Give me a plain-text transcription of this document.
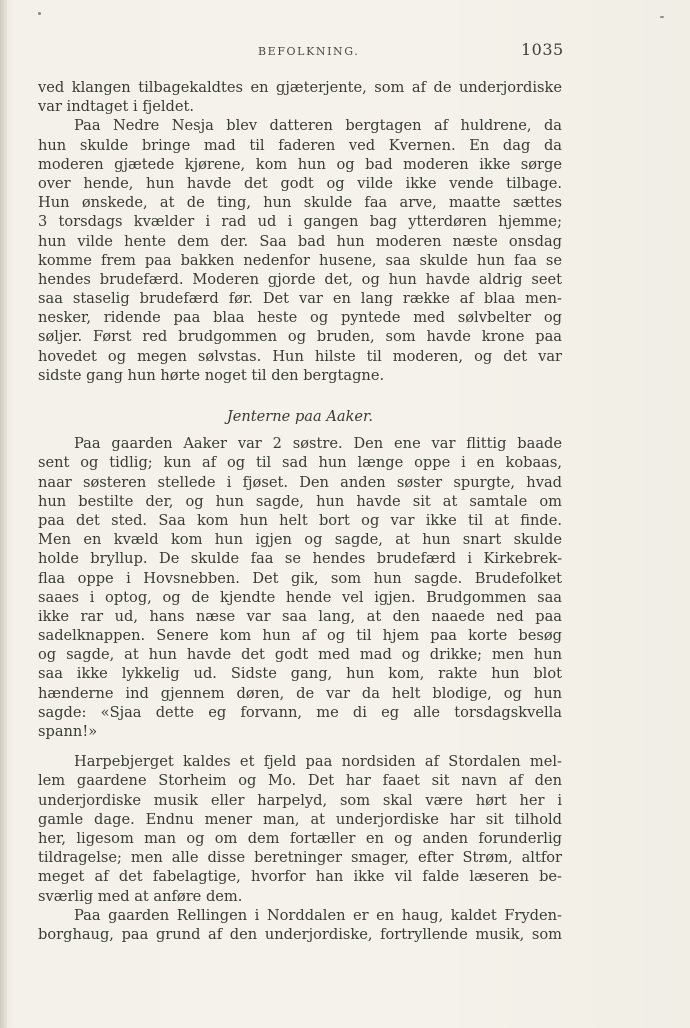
BEFOLKNING.	1035
ved klangen tilbagekaldtes en gjæterjente, som af de underjordiske
var indtaget i fjeldet.
Paa Nedre Nesja blev datteren bergtagen af huldrene, da
hun skulde bringe mad til faderen ved Kvernen. En dag da
moderen gjætede kjørene, kom hun og bad moderen ikke sørge
over hende, hun havde det godt og vilde ikke vende tilbage.
Hun ønskede, at de ting, hun skulde faa arve, maatte sættes
3 torsdags kvælder i rad ud i gangen bag ytterdøren hjemme;
hun vilde hente dem der. Saa bad hun moderen næste onsdag
komme frem paa bakken nedenfor husene, saa skulde hun faa se
hendes brudefærd. Moderen gjorde det, og hun havde aldrig seet
saa staselig brudefærd før. Det var en lang række af blaa men-
nesker, ridende paa blaa heste og pyntede med sølvbelter og
søljer. Først red brudgommen og bruden, som havde krone paa
hovedet og megen sølvstas. Hun hilste til moderen, og det var
sidste gang hun hørte noget til den bergtagne.
Jenterne paa Aaker.
Paa gaarden Aaker var 2 søstre. Den ene var flittig baade
sent og tidlig; kun af og til sad hun længe oppe i en kobaas,
naar søsteren stellede i fjøset. Den anden søster spurgte, hvad
hun bestilte der, og hun sagde, hun havde sit at samtale om
paa det sted. Saa kom hun helt bort og var ikke til at finde.
Men en kvæld kom hun igjen og sagde, at hun snart skulde
holde bryllup. De skulde faa se hendes brudefærd i Kirkebrek-
flaa oppe i Hovsnebben. Det gik, som hun sagde. Brudefolket
saaes i optog, og de kjendte hende vel igjen. Brudgommen saa
ikke rar ud, hans næse var saa lang, at den naaede ned paa
sadelknappen. Senere kom hun af og til hjem paa korte besøg
og sagde, at hun havde det godt med mad og drikke; men hun
saa ikke lykkelig ud. Sidste gang, hun kom, rakte hun blot
hænderne ind gjennem døren, de var da helt blodige, og hun
sagde: «Sjaa dette eg forvann, me di eg alle torsdagskvella
spann!»
Harpebjerget kaldes et fjeld paa nordsiden af Stordalen mel-
lem gaardene Storheim og Mo. Det har faaet sit navn af den
underjordiske musik eller harpelyd, som skal være hørt her i
gamle dage. Endnu mener man, at underjordiske har sit tilhold
her, ligesom man og om dem fortæller en og anden forunderlig
tildragelse; men alle disse beretninger smager, efter Strøm, altfor
meget af det fabelagtige, hvorfor han ikke vil falde læseren be-
sværlig med at anføre dem.
Paa gaarden Rellingen i Norddalen er en haug, kaldet Fryden-
borghaug, paa grund af den underjordiske, fortryllende musik, som
